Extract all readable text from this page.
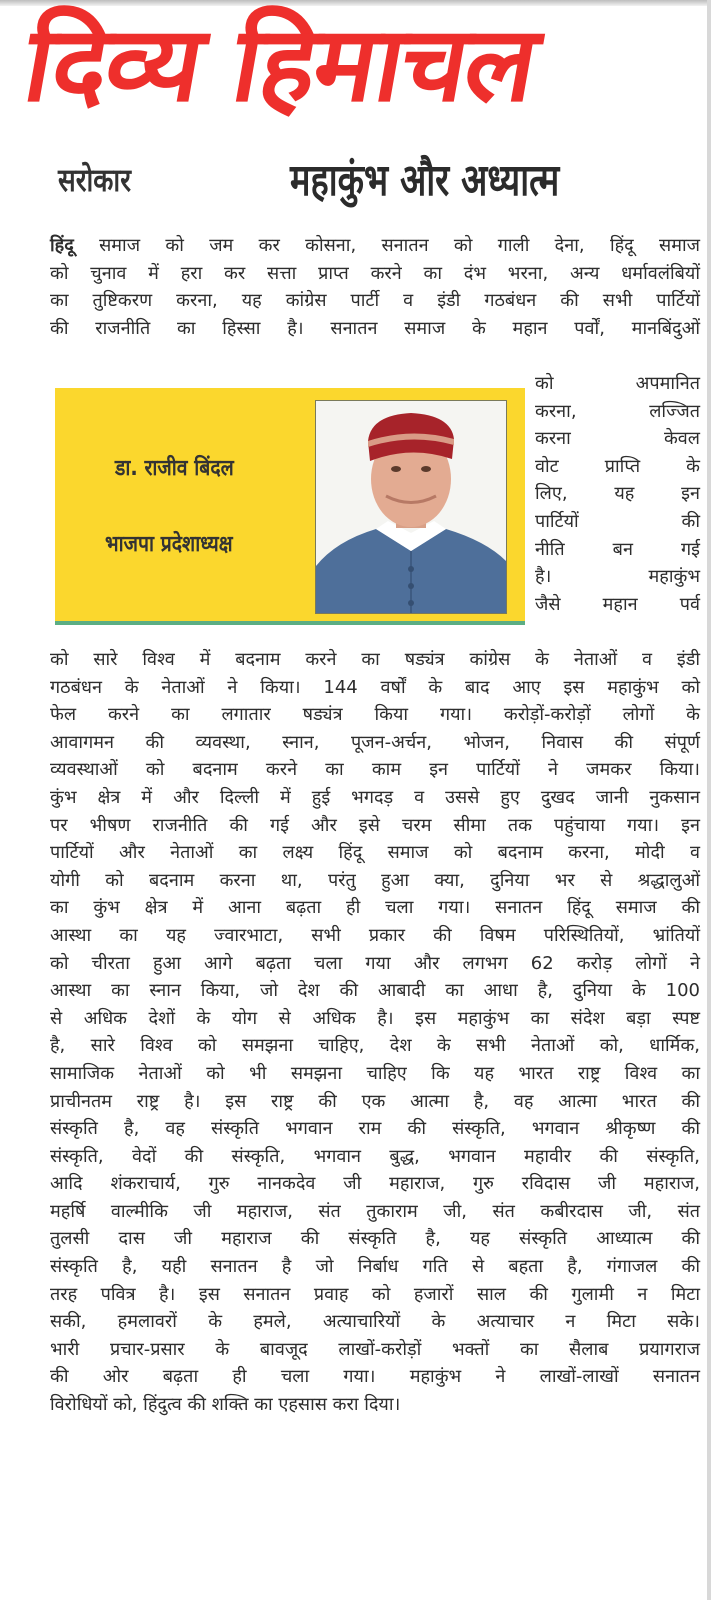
दिव्य हिमाचल
सरोकार	महाकुंभ और अध्यात्म
हिंदू समाज को जम कर कोसना, सनातन को गाली देना, हिंदू समाज
को चुनाव में हरा कर सत्ता प्राप्त करने का दंभ भरना, अन्य धर्मावलंबियों
का तुष्टिकरण करना, यह कांग्रेस पार्टी व इंडी गठबंधन की सभी पार्टियों
की राजनीति का हिस्सा है। सनातन समाज के महान पर्वों, मानबिंदुओं
डा. राजीव बिंदल
भाजपा प्रदेशाध्यक्ष
को अपमानित
करना, लज्जित
करना केवल
वोट प्राप्ति के
लिए, यह इन
पार्टियों की
नीति बन गई
है। महाकुंभ
जैसे महान पर्व
को सारे विश्व में बदनाम करने का षड्यंत्र कांग्रेस के नेताओं व इंडी
गठबंधन के नेताओं ने किया। 144 वर्षों के बाद आए इस महाकुंभ को
फेल करने का लगातार षड्यंत्र किया गया। करोड़ों-करोड़ों लोगों के
आवागमन की व्यवस्था, स्नान, पूजन-अर्चन, भोजन, निवास की संपूर्ण
व्यवस्थाओं को बदनाम करने का काम इन पार्टियों ने जमकर किया।
कुंभ क्षेत्र में और दिल्ली में हुई भगदड़ व उससे हुए दुखद जानी नुकसान
पर भीषण राजनीति की गई और इसे चरम सीमा तक पहुंचाया गया। इन
पार्टियों और नेताओं का लक्ष्य हिंदू समाज को बदनाम करना, मोदी व
योगी को बदनाम करना था, परंतु हुआ क्या, दुनिया भर से श्रद्धालुओं
का कुंभ क्षेत्र में आना बढ़ता ही चला गया। सनातन हिंदू समाज की
आस्था का यह ज्वारभाटा, सभी प्रकार की विषम परिस्थितियों, भ्रांतियों
को चीरता हुआ आगे बढ़ता चला गया और लगभग 62 करोड़ लोगों ने
आस्था का स्नान किया, जो देश की आबादी का आधा है, दुनिया के 100
से अधिक देशों के योग से अधिक है। इस महाकुंभ का संदेश बड़ा स्पष्ट
है, सारे विश्व को समझना चाहिए, देश के सभी नेताओं को, धार्मिक,
सामाजिक नेताओं को भी समझना चाहिए कि यह भारत राष्ट्र विश्व का
प्राचीनतम राष्ट्र है। इस राष्ट्र की एक आत्मा है, वह आत्मा भारत की
संस्कृति है, वह संस्कृति भगवान राम की संस्कृति, भगवान श्रीकृष्ण की
संस्कृति, वेदों की संस्कृति, भगवान बुद्ध, भगवान महावीर की संस्कृति,
आदि शंकराचार्य, गुरु नानकदेव जी महाराज, गुरु रविदास जी महाराज,
महर्षि वाल्मीकि जी महाराज, संत तुकाराम जी, संत कबीरदास जी, संत
तुलसी दास जी महाराज की संस्कृति है, यह संस्कृति आध्यात्म की
संस्कृति है, यही सनातन है जो निर्बाध गति से बहता है, गंगाजल की
तरह पवित्र है। इस सनातन प्रवाह को हजारों साल की गुलामी न मिटा
सकी, हमलावरों के हमले, अत्याचारियों के अत्याचार न मिटा सके।
भारी प्रचार-प्रसार के बावजूद लाखों-करोड़ों भक्तों का सैलाब प्रयागराज
की ओर बढ़ता ही चला गया। महाकुंभ ने लाखों-लाखों सनातन
विरोधियों को, हिंदुत्व की शक्ति का एहसास करा दिया।
